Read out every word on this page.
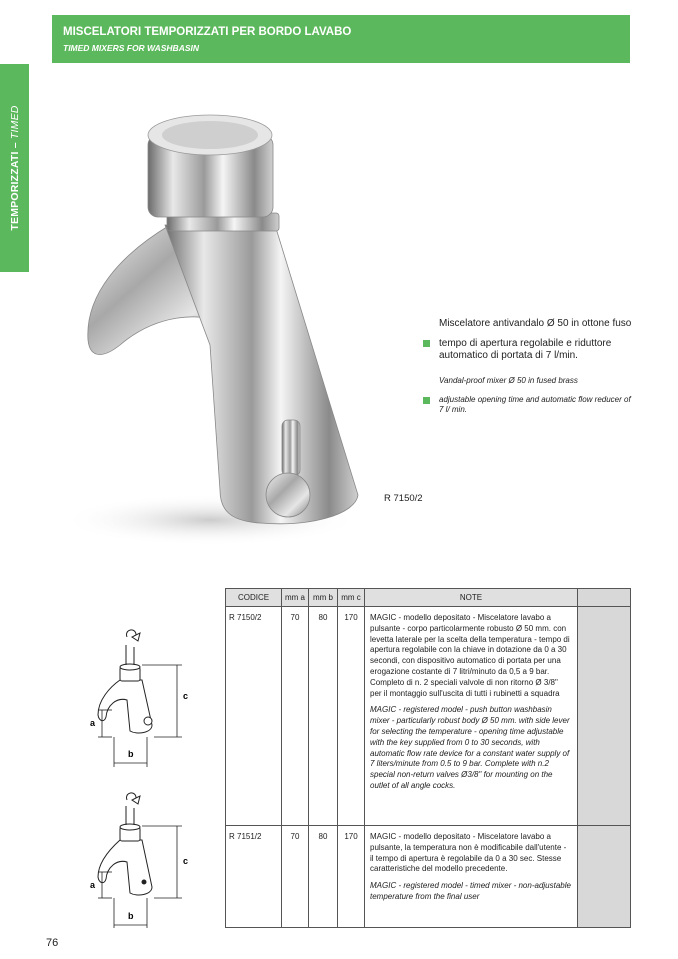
TEMPORIZZATI – TIMED
MISCELATORI TEMPORIZZATI PER BORDO LAVABO
TIMED MIXERS FOR WASHBASIN
Miscelatore antivandalo Ø 50 in ottone fuso
tempo di apertura regolabile e riduttore automatico di portata di 7 l/min.
Vandal-proof mixer Ø 50 in fused brass
adjustable opening time and automatic flow reducer of 7 l/ min.
R 7150/2
c
a
b
c
a
b
CODICE	mm a	mm b	mm c	NOTE	
R 7150/2	70	80	170	MAGIC - modello depositato - Miscelatore lavabo a pulsante - corpo particolarmente robusto Ø 50 mm. con levetta laterale per la scelta della temperatura - tempo di apertura regolabile con la chiave in dotazione da 0 a 30 secondi, con dispositivo automatico di portata per una erogazione costante di 7 litri/minuto da 0,5 a 9 bar. Completo di n. 2 speciali valvole di non ritorno Ø 3/8" per il montaggio sull'uscita di tutti i rubinetti a squadra

MAGIC - registered model - push button washbasin mixer - particularly robust body Ø 50 mm. with side lever for selecting the temperature - opening time adjustable with the key supplied from 0 to 30 seconds, with automatic flow rate device for a constant water supply of 7 liters/minute from 0.5 to 9 bar. Complete with n.2 special non-return valves Ø3/8" for mounting on the outlet of all angle cocks.	

R 7151/2	70	80	170	MAGIC - modello depositato - Miscelatore lavabo a pulsante, la temperatura non è modificabile dall'utente - il tempo di apertura è regolabile da 0 a 30 sec. Stesse caratteristiche del modello precedente.

MAGIC - registered model - timed mixer - non-adjustable temperature from the final user	

76
